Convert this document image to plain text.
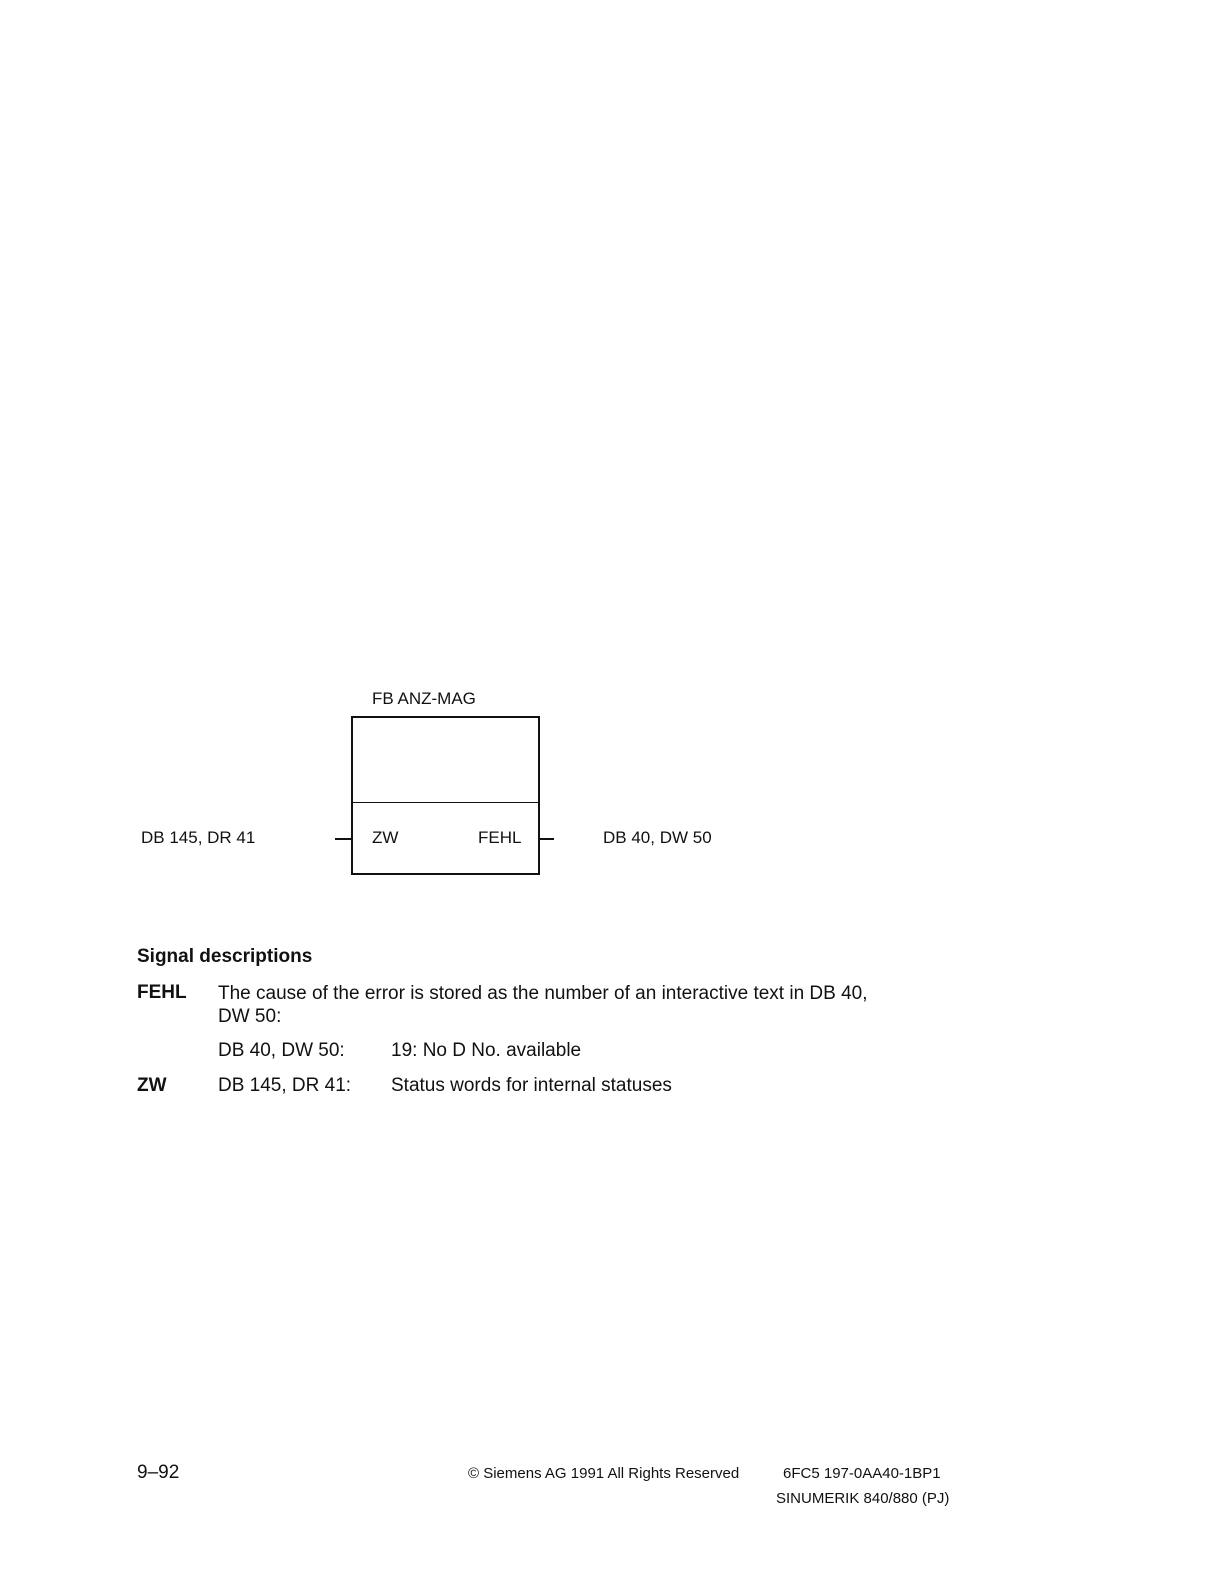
FB ANZ-MAG
DB 145, DR 41	ZW	FEHL	DB 40, DW 50
Signal descriptions
FEHL The cause of the error is stored as the number of an interactive text in DB 40, DW 50:
DB 40, DW 50: 19: No D No. available
ZW	DB 145, DR 41: Status words for internal statuses
9–92	© Siemens AG 1991 All Rights Reserved	6FC5 197-0AA40-1BP1
SINUMERIK 840/880 (PJ)
